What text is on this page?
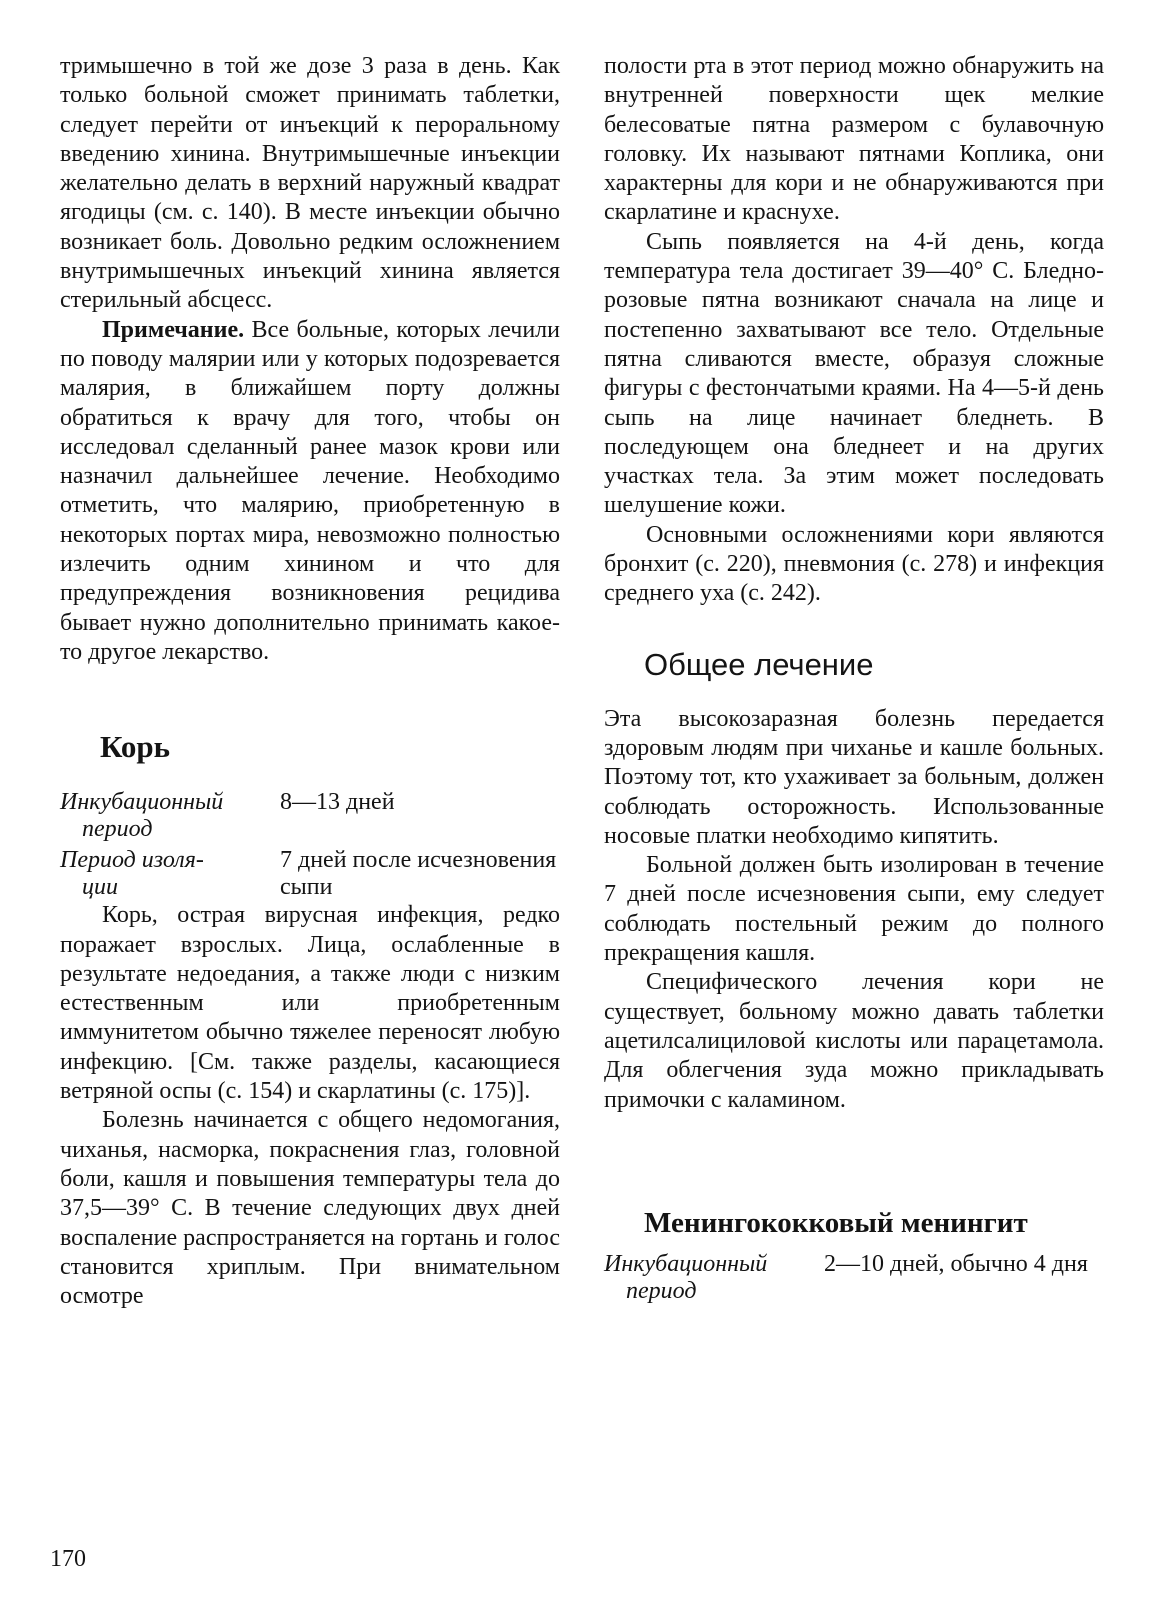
тримышечно в той же дозе 3 раза в день. Как только больной сможет принимать таблетки, следует перейти от инъекций к пероральному введению хинина. Внутримышечные инъекции желательно делать в верхний наружный квадрат ягодицы (см. с. 140). В месте инъекции обычно возникает боль. Довольно редким осложнением внутримышечных инъекций хинина является стерильный абсцесс.

Примечание. Все больные, которых лечили по поводу малярии или у которых подозревается малярия, в ближайшем порту должны обратиться к врачу для того, чтобы он исследовал сделанный ранее мазок крови или назначил дальнейшее лечение. Необходимо отметить, что малярию, приобретенную в некоторых портах мира, невозможно полностью излечить одним хинином и что для предупреждения возникновения рецидива бывает нужно дополнительно принимать какое-то другое лекарство.

Корь
Инкубационный
период
8—13 дней
Период изоля-
ции
7 дней после исчезновения сыпи

Корь, острая вирусная инфекция, редко поражает взрослых. Лица, ослабленные в результате недоедания, а также люди с низким естественным или приобретенным иммунитетом обычно тяжелее переносят любую инфекцию. [См. также разделы, касающиеся ветряной оспы (с. 154) и скарлатины (с. 175)].

Болезнь начинается с общего недомогания, чиханья, насморка, покраснения глаз, головной боли, кашля и повышения температуры тела до 37,5—39° С. В течение следующих двух дней воспаление распространяется на гортань и голос становится хриплым. При внимательном осмотре

полости рта в этот период можно обнаружить на внутренней поверхности щек мелкие белесоватые пятна размером с булавочную головку. Их называют пятнами Коплика, они характерны для кори и не обнаруживаются при скарлатине и краснухе.

Сыпь появляется на 4-й день, когда температура тела достигает 39—40° С. Бледно-розовые пятна возникают сначала на лице и постепенно захватывают все тело. Отдельные пятна сливаются вместе, образуя сложные фигуры с фестончатыми краями. На 4—5-й день сыпь на лице начинает бледнеть. В последующем она бледнеет и на других участках тела. За этим может последовать шелушение кожи.

Основными осложнениями кори являются бронхит (с. 220), пневмония (с. 278) и инфекция среднего уха (с. 242).

Общее лечение

Эта высокозаразная болезнь передается здоровым людям при чиханье и кашле больных. Поэтому тот, кто ухаживает за больным, должен соблюдать осторожность. Использованные носовые платки необходимо кипятить.

Больной должен быть изолирован в течение 7 дней после исчезновения сыпи, ему следует соблюдать постельный режим до полного прекращения кашля.

Специфического лечения кори не существует, больному можно давать таблетки ацетилсалициловой кислоты или парацетамола. Для облегчения зуда можно прикладывать примочки с каламином.

Менингококковый менингит
Инкубационный
период
2—10 дней, обычно 4 дня
170
